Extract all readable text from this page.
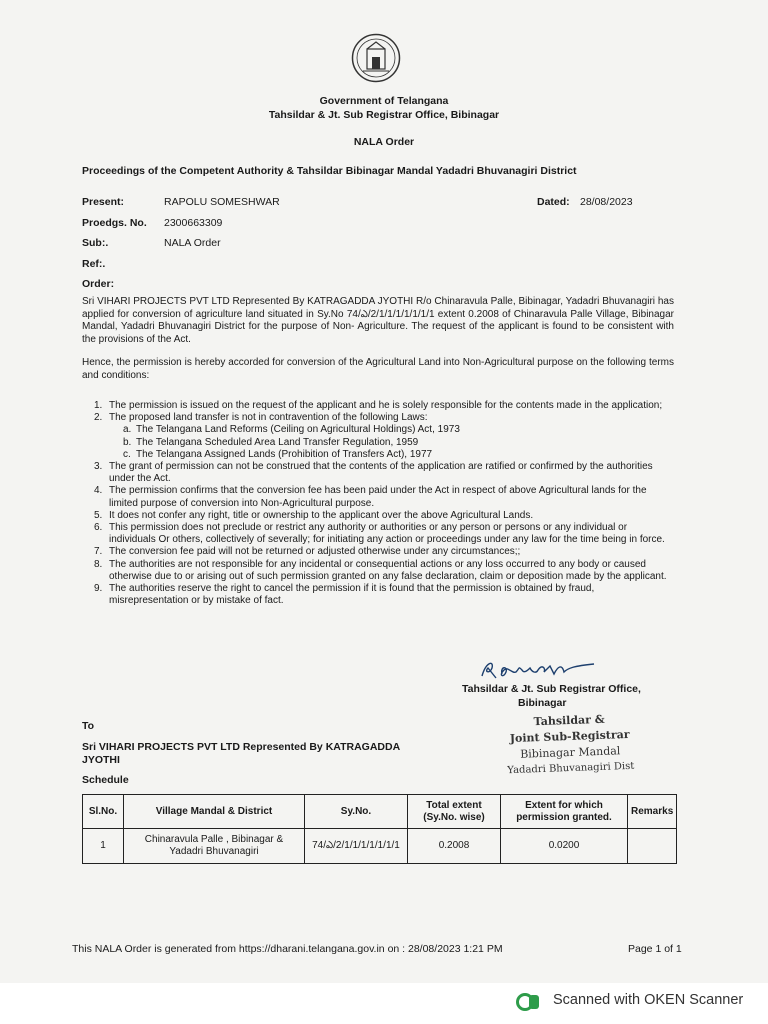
Government of Telangana
Tahsildar & Jt. Sub Registrar Office, Bibinagar
NALA Order
Proceedings of the Competent Authority & Tahsildar Bibinagar Mandal Yadadri Bhuvanagiri District
Present:	RAPOLU SOMESHWAR	Dated: 28/08/2023
Proedgs. No. 2300663309
Sub:.	NALA Order
Ref:.
Order:
Sri VIHARI PROJECTS PVT LTD Represented By KATRAGADDA JYOTHI R/o Chinaravula Palle, Bibinagar, Yadadri Bhuvanagiri has applied for conversion of agriculture land situated in Sy.No 74/ఎ/2/1/1/1/1/1/1/1 extent 0.2008 of Chinaravula Palle Village, Bibinagar Mandal, Yadadri Bhuvanagiri District for the purpose of Non- Agriculture. The request of the applicant is found to be consistent with the provisions of the Act.
Hence, the permission is hereby accorded for conversion of the Agricultural Land into Non-Agricultural purpose on the following terms and conditions:
1. The permission is issued on the request of the applicant and he is solely responsible for the contents made in the application;
2. The proposed land transfer is not in contravention of the following Laws:
a. The Telangana Land Reforms (Ceiling on Agricultural Holdings) Act, 1973
b. The Telangana Scheduled Area Land Transfer Regulation, 1959
c. The Telangana Assigned Lands (Prohibition of Transfers Act), 1977
3. The grant of permission can not be construed that the contents of the application are ratified or confirmed by the authorities under the Act.
4. The permission confirms that the conversion fee has been paid under the Act in respect of above Agricultural lands for the limited purpose of conversion into Non-Agricultural purpose.
5. It does not confer any right, title or ownership to the applicant over the above Agricultural Lands.
6. This permission does not preclude or restrict any authority or authorities or any person or persons or any individual or individuals Or others, collectively of severally; for initiating any action or proceedings under any law for the time being in force.
7. The conversion fee paid will not be returned or adjusted otherwise under any circumstances;;
8. The authorities are not responsible for any incidental or consequential actions or any loss occurred to any body or caused otherwise due to or arising out of such permission granted on any false declaration, claim or deposition made by the applicant.
9. The authorities reserve the right to cancel the permission if it is found that the permission is obtained by fraud, misrepresentation or by mistake of fact.
Tahsildar & Jt. Sub Registrar Office,
Bibinagar
Tahsildar &
Joint Sub-Registrar
Bibinagar Mandal
Yadadri Bhuvanagiri Dist
To
Sri VIHARI PROJECTS PVT LTD Represented By KATRAGADDA JYOTHI
Schedule
Sl.No.	Village Mandal & District	Sy.No.	Total extent (Sy.No. wise)	Extent for which permission granted.	Remarks
1	Chinaravula Palle , Bibinagar & Yadadri Bhuvanagiri	74/ఎ/2/1/1/1/1/1/1/1	0.2008	0.0200	
This NALA Order is generated from https://dharani.telangana.gov.in on : 28/08/2023 1:21 PM	Page 1 of 1
Scanned with OKEN Scanner
